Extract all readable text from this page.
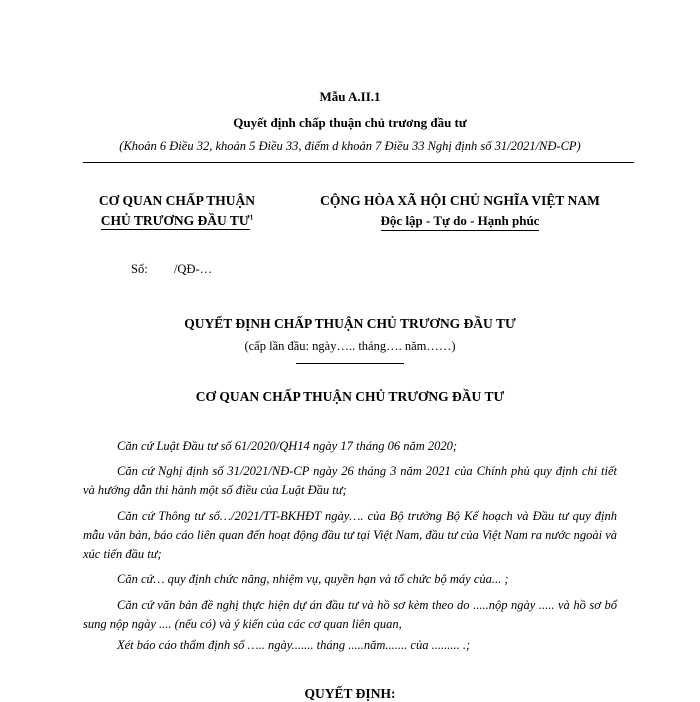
Mẫu A.II.1
Quyết định chấp thuận chủ trương đầu tư
(Khoản 6 Điều 32, khoản 5 Điều 33, điểm d khoản 7 Điều 33 Nghị định số 31/2021/NĐ-CP)
CƠ QUAN CHẤP THUẬN
CHỦ TRƯƠNG ĐẦU $TƯ^1$
CỘNG HÒA XÃ HỘI CHỦ NGHĨA VIỆT NAM
Độc lập - Tự do - Hạnh phúc
Số: /QĐ-…
QUYẾT ĐỊNH CHẤP THUẬN CHỦ TRƯƠNG ĐẦU TƯ
(cấp lần đầu: ngày….. tháng…. năm……)
CƠ QUAN CHẤP THUẬN CHỦ TRƯƠNG ĐẦU TƯ
Căn cứ Luật Đầu tư số 61/2020/QH14 ngày 17 tháng 06 năm 2020;
Căn cứ Nghị định số 31/2021/NĐ-CP ngày 26 tháng 3 năm 2021 của Chính phủ quy định chi tiết và hướng dẫn thi hành một số điều của Luật Đầu tư;
Căn cứ Thông tư số…/2021/TT-BKHĐT ngày…. của Bộ trưởng Bộ Kế hoạch và Đầu tư quy định mẫu văn bản, báo cáo liên quan đến hoạt động đầu tư tại Việt Nam, đầu tư của Việt Nam ra nước ngoài và xúc tiến đầu tư;
Căn cứ… quy định chức năng, nhiệm vụ, quyền hạn và tổ chức bộ máy của... ;
Căn cứ văn bản đề nghị thực hiện dự án đầu tư và hồ sơ kèm theo do .....nộp ngày ..... và hồ sơ bổ sung nộp ngày .... (nếu có) và ý kiến của các cơ quan liên quan,
Xét báo cáo thẩm định số ….. ngày....... tháng .....năm....... của ......... .;
QUYẾT ĐỊNH:
